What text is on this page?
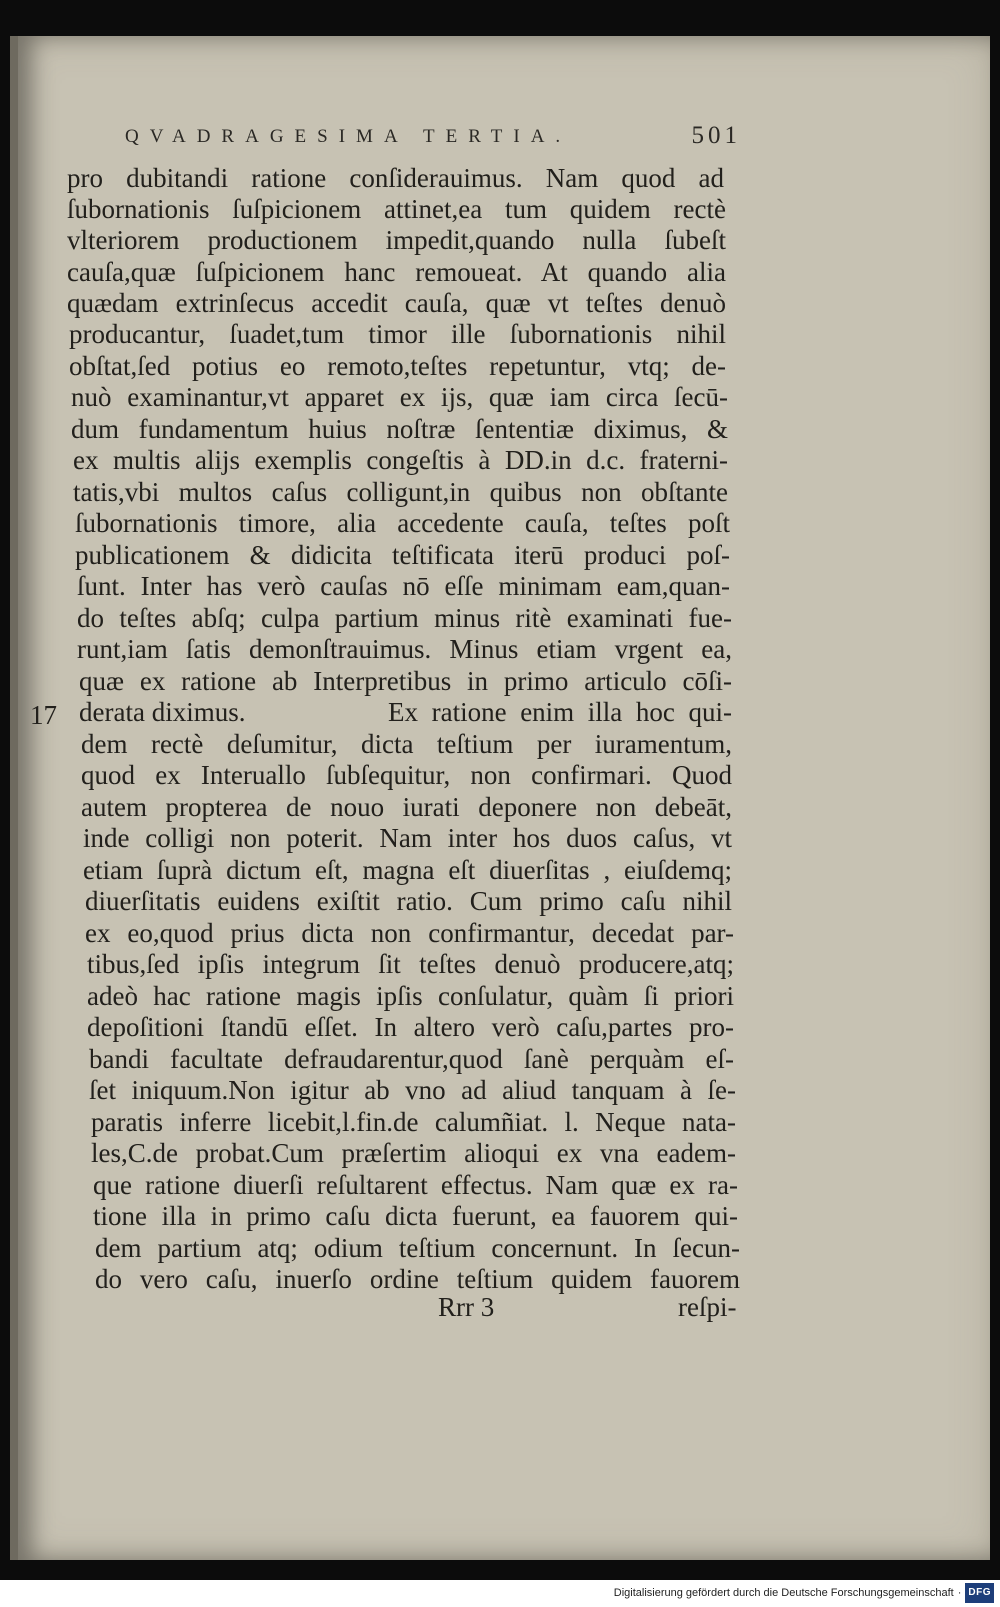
QVADRAGESIMA TERTIA.	501
17
pro dubitandi ratione conſiderauimus. Nam quod ad
ſubornationis ſuſpicionem attinet,ea tum quidem rectè
vlteriorem productionem impedit,quando nulla ſubeſt
cauſa,quæ ſuſpicionem hanc remoueat. At quando alia
quædam extrinſecus accedit cauſa, quæ vt teſtes denuò
producantur, ſuadet,tum timor ille ſubornationis nihil
obſtat,ſed potius eo remoto,teſtes repetuntur, vtq; de-
nuò examinantur,vt apparet ex ijs, quæ iam circa ſecū-
dum fundamentum huius noſtræ ſententiæ diximus, &
ex multis alijs exemplis congeſtis à DD.in d.c. fraterni-
tatis,vbi multos caſus colligunt,in quibus non obſtante
ſubornationis timore, alia accedente cauſa, teſtes poſt
publicationem & didicita teſtificata iterū produci poſ-
ſunt. Inter has verò cauſas nō eſſe minimam eam,quan-
do teſtes abſq; culpa partium minus ritè examinati fue-
runt,iam ſatis demonſtrauimus. Minus etiam vrgent ea,
quæ ex ratione ab Interpretibus in primo articulo cōſi-
derata diximus.	Ex ratione enim illa hoc qui-
dem rectè deſumitur, dicta teſtium per iuramentum,
quod ex Interuallo ſubſequitur, non confirmari. Quod
autem propterea de nouo iurati deponere non debeāt,
inde colligi non poterit. Nam inter hos duos caſus, vt
etiam ſuprà dictum eſt, magna eſt diuerſitas , eiuſdemq;
diuerſitatis euidens exiſtit ratio. Cum primo caſu nihil
ex eo,quod prius dicta non confirmantur, decedat par-
tibus,ſed ipſis integrum ſit teſtes denuò producere,atq;
adeò hac ratione magis ipſis conſulatur, quàm ſi priori
depoſitioni ſtandū eſſet. In altero verò caſu,partes pro-
bandi facultate defraudarentur,quod ſanè perquàm eſ-
ſet iniquum.Non igitur ab vno ad aliud tanquam à ſe-
paratis inferre licebit,l.fin.de calumñiat. l. Neque nata-
les,C.de probat.Cum præſertim alioqui ex vna eadem-
que ratione diuerſi reſultarent effectus. Nam quæ ex ra-
tione illa in primo caſu dicta fuerunt, ea fauorem qui-
dem partium atq; odium teſtium concernunt. In ſecun-
do vero caſu, inuerſo ordine teſtium quidem fauorem
Rrr 3	reſpi-
Digitalisierung gefördert durch die Deutsche Forschungsgemeinschaft · DFG
